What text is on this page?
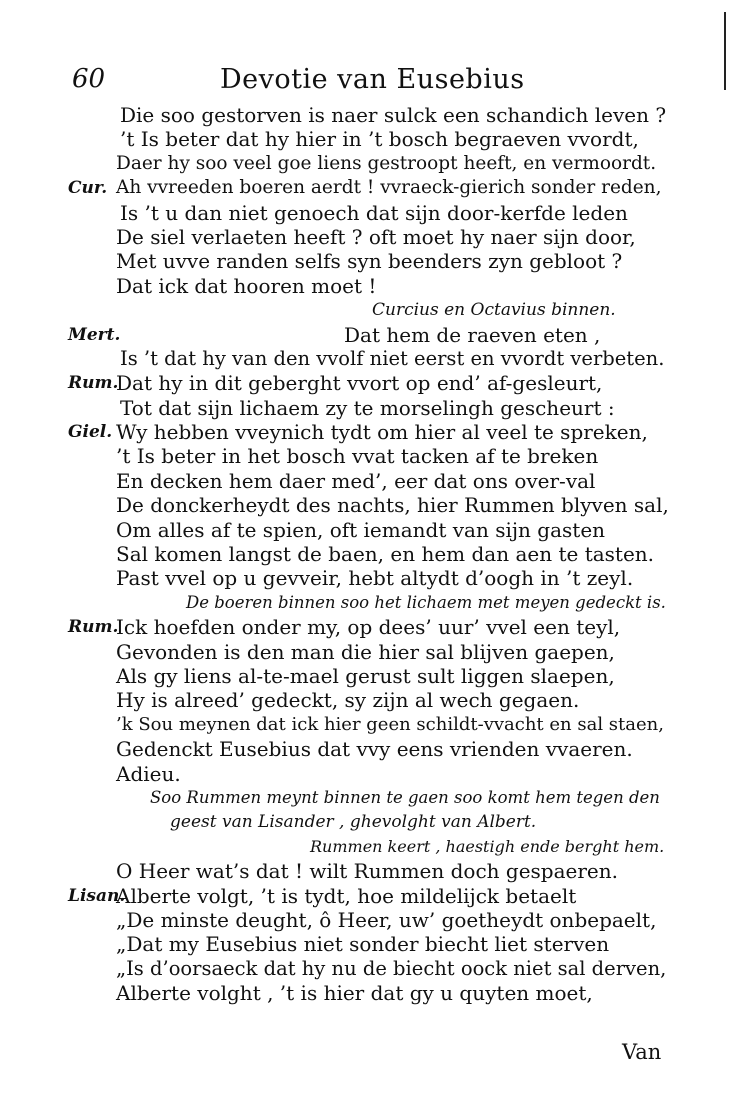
60	Devotie van Eusebius
Die soo gestorven is naer sulck een schandich leven ?
’t Is beter dat hy hier in ’t bosch begraeven vvordt,
Daer hy soo veel goe liens gestroopt heeft, en vermoordt.
Cur. Ah vvreeden boeren aerdt ! vvraeck-gierich sonder reden,
Is ’t u dan niet genoech dat sijn door-kerfde leden
De siel verlaeten heeft ? oft moet hy naer sijn door,
Met uvve randen selfs syn beenders zyn gebloot ?
Dat ick dat hooren moet !
Curcius en Octavius binnen.
Mert.	Dat hem de raeven eten ,
Is ’t dat hy van den vvolf niet eerst en vvordt verbeten.
Rum.
Dat hy in dit geberght vvort op end’ af-gesleurt,
Tot dat sijn lichaem zy te morselingh gescheurt :
Giel. Wy hebben vveynich tydt om hier al veel te spreken,
’t Is beter in het bosch vvat tacken af te breken
En decken hem daer med’, eer dat ons over-val
De donckerheydt des nachts, hier Rummen blyven sal,
Om alles af te spien, oft iemandt van sijn gasten
Sal komen langst de baen, en hem dan aen te tasten.
Past vvel op u gevveir, hebt altydt d’oogh in ’t zeyl.
De boeren binnen soo het lichaem met meyen gedeckt is.
Rum.
Ick hoefden onder my, op dees’ uur’ vvel een teyl,
Gevonden is den man die hier sal blijven gaepen,
Als gy liens al-te-mael gerust sult liggen slaepen,
Hy is alreed’ gedeckt, sy zijn al wech gegaen.
’k Sou meynen dat ick hier geen schildt-vvacht en sal staen,
Gedenckt Eusebius dat vvy eens vrienden vvaeren.
Adieu.
Soo Rummen meynt binnen te gaen soo komt hem tegen den
geest van Lisander , ghevolght van Albert.
Rummen keert , haestigh ende berght hem.
O Heer wat’s dat ! wilt Rummen doch gespaeren.
Lisan.
Alberte volgt, ’t is tydt, hoe mildelijck betaelt
„De minste deught, ô Heer, uw’ goetheydt onbepaelt,
„Dat my Eusebius niet sonder biecht liet sterven
„Is d’oorsaeck dat hy nu de biecht oock niet sal derven,
Alberte volght , ’t is hier dat gy u quyten moet,
Van
